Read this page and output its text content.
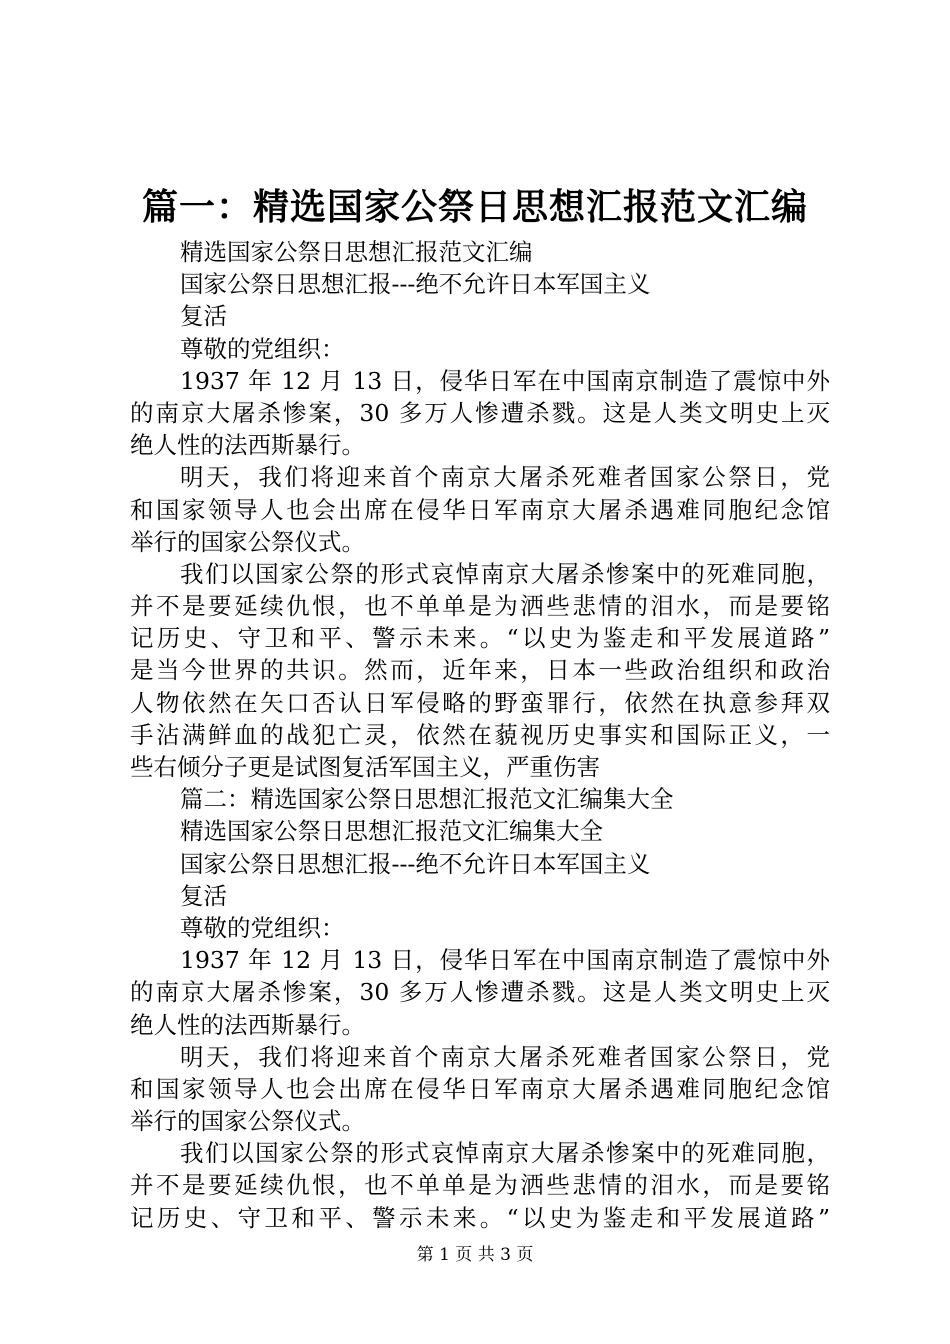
篇一：精选国家公祭日思想汇报范文汇编

精选国家公祭日思想汇报范文汇编

国家公祭日思想汇报---绝不允许日本军国主义

复活

尊敬的党组织：

1937 年 12 月 13 日，侵华日军在中国南京制造了震惊中外

的南京大屠杀惨案，30 多万人惨遭杀戮。这是人类文明史上灭

绝人性的法西斯暴行。

明天，我们将迎来首个南京大屠杀死难者国家公祭日，党

和国家领导人也会出席在侵华日军南京大屠杀遇难同胞纪念馆

举行的国家公祭仪式。

我们以国家公祭的形式哀悼南京大屠杀惨案中的死难同胞，

并不是要延续仇恨，也不单单是为洒些悲情的泪水，而是要铭

记历史、守卫和平、警示未来。“以史为鉴走和平发展道路”

是当今世界的共识。然而，近年来，日本一些政治组织和政治

人物依然在矢口否认日军侵略的野蛮罪行，依然在执意参拜双

手沾满鲜血的战犯亡灵，依然在藐视历史事实和国际正义，一

些右倾分子更是试图复活军国主义，严重伤害

篇二：精选国家公祭日思想汇报范文汇编集大全

精选国家公祭日思想汇报范文汇编集大全

国家公祭日思想汇报---绝不允许日本军国主义

复活

尊敬的党组织：

1937 年 12 月 13 日，侵华日军在中国南京制造了震惊中外

的南京大屠杀惨案，30 多万人惨遭杀戮。这是人类文明史上灭

绝人性的法西斯暴行。

明天，我们将迎来首个南京大屠杀死难者国家公祭日，党

和国家领导人也会出席在侵华日军南京大屠杀遇难同胞纪念馆

举行的国家公祭仪式。

我们以国家公祭的形式哀悼南京大屠杀惨案中的死难同胞，

并不是要延续仇恨，也不单单是为洒些悲情的泪水，而是要铭

记历史、守卫和平、警示未来。“以史为鉴走和平发展道路”

第 1 页 共 3 页
